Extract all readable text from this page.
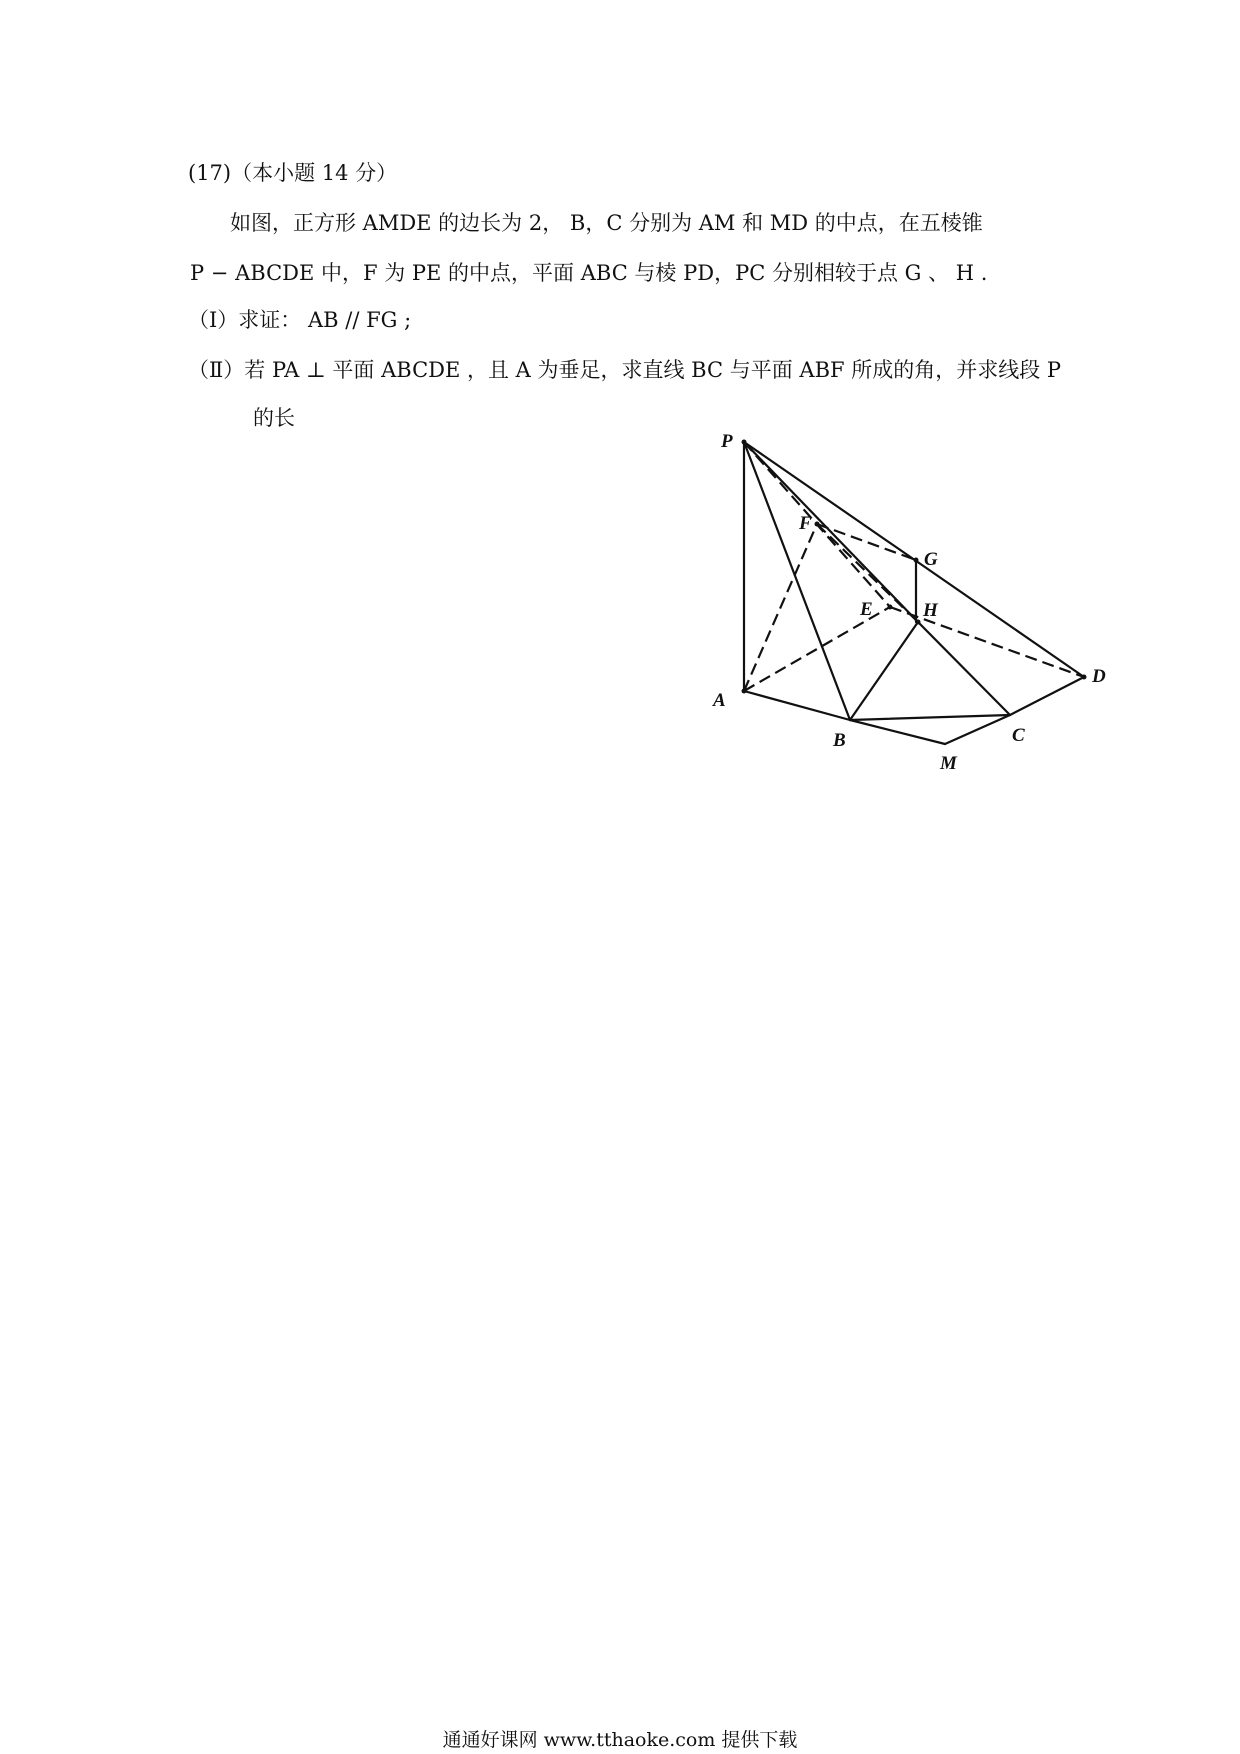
(17)（本小题 14 分）
如图，正方形 AMDE 的边长为 2， B，C 分别为 AM 和 MD 的中点，在五棱锥
P − ABCDE 中，F 为 PE 的中点，平面 ABC 与棱 PD，PC 分别相较于点 G 、 H .
（Ⅰ）求证： AB // FG ;
（Ⅱ）若 PA ⊥ 平面 ABCDE ，且 A 为垂足，求直线 BC 与平面 ABF 所成的角，并求线段 P
的长
P
A
B	C
D
E
F
G
H
M
通通好课网 www.tthaoke.com 提供下载
